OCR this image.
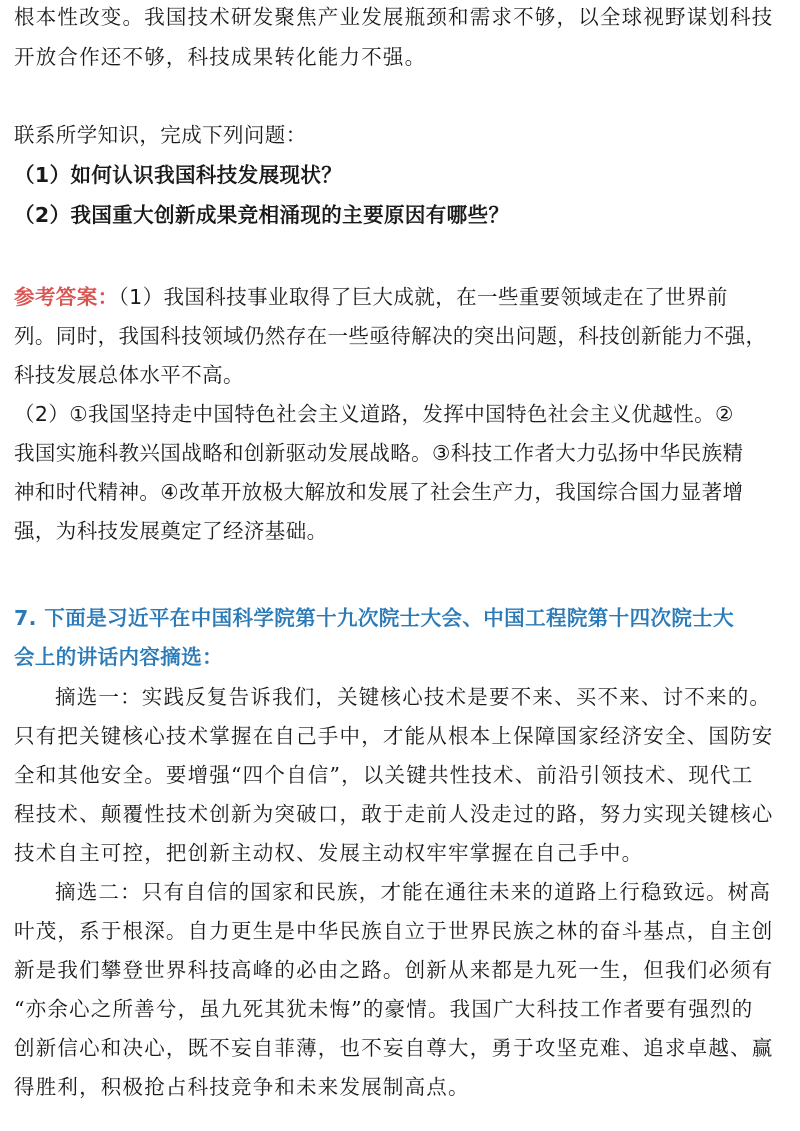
根本性改变。我国技术研发聚焦产业发展瓶颈和需求不够，以全球视野谋划科技
开放合作还不够，科技成果转化能力不强。
联系所学知识，完成下列问题：
（1）如何认识我国科技发展现状？
（2）我国重大创新成果竞相涌现的主要原因有哪些？
参考答案：（1）我国科技事业取得了巨大成就，在一些重要领域走在了世界前
列。同时，我国科技领域仍然存在一些亟待解决的突出问题，科技创新能力不强，
科技发展总体水平不高。
（2）①我国坚持走中国特色社会主义道路，发挥中国特色社会主义优越性。②
我国实施科教兴国战略和创新驱动发展战略。③科技工作者大力弘扬中华民族精
神和时代精神。④改革开放极大解放和发展了社会生产力，我国综合国力显著增
强，为科技发展奠定了经济基础。
7. 下面是习近平在中国科学院第十九次院士大会、中国工程院第十四次院士大
会上的讲话内容摘选：
摘选一：实践反复告诉我们，关键核心技术是要不来、买不来、讨不来的。
只有把关键核心技术掌握在自己手中，才能从根本上保障国家经济安全、国防安
全和其他安全。要增强“四个自信”，以关键共性技术、前沿引领技术、现代工
程技术、颠覆性技术创新为突破口，敢于走前人没走过的路，努力实现关键核心
技术自主可控，把创新主动权、发展主动权牢牢掌握在自己手中。
摘选二：只有自信的国家和民族，才能在通往未来的道路上行稳致远。树高
叶茂，系于根深。自力更生是中华民族自立于世界民族之林的奋斗基点，自主创
新是我们攀登世界科技高峰的必由之路。创新从来都是九死一生，但我们必须有
“亦余心之所善兮，虽九死其犹未悔”的豪情。我国广大科技工作者要有强烈的
创新信心和决心，既不妄自菲薄，也不妄自尊大，勇于攻坚克难、追求卓越、赢
得胜利，积极抢占科技竞争和未来发展制高点。
